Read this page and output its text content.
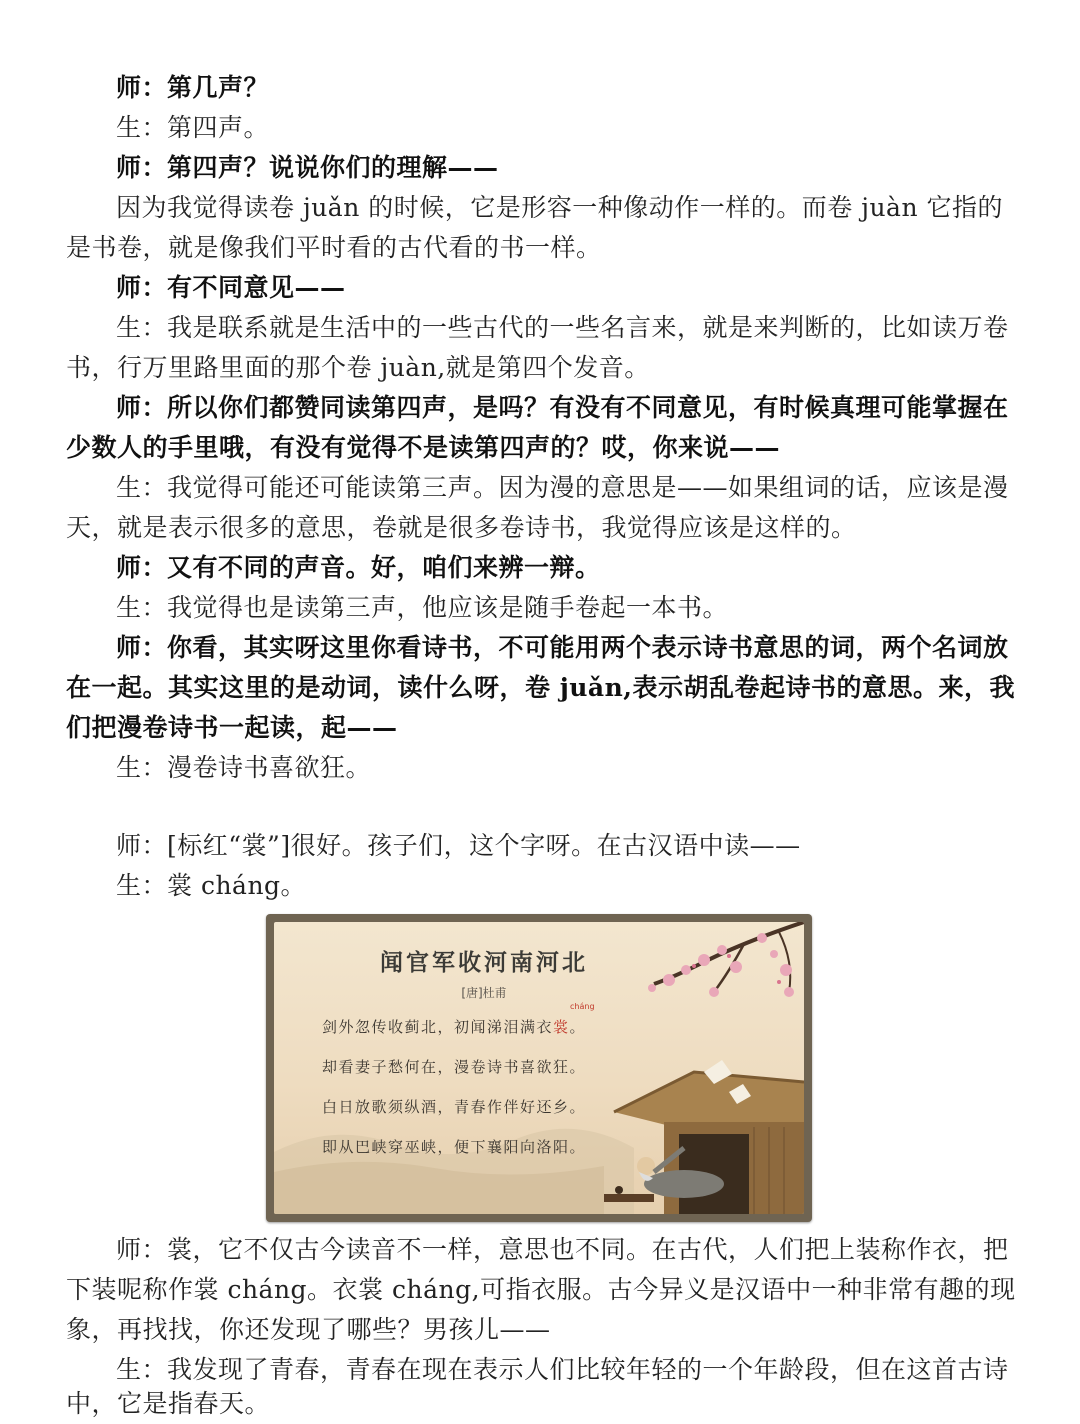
师：第几声？
生：第四声。
师：第四声？说说你们的理解——
因为我觉得读卷 juǎn 的时候，它是形容一种像动作一样的。而卷 juàn 它指的
是书卷，就是像我们平时看的古代看的书一样。
师：有不同意见——
生：我是联系就是生活中的一些古代的一些名言来，就是来判断的，比如读万卷
书，行万里路里面的那个卷 juàn,就是第四个发音。
师：所以你们都赞同读第四声，是吗？有没有不同意见，有时候真理可能掌握在
少数人的手里哦，有没有觉得不是读第四声的？哎，你来说——
生：我觉得可能还可能读第三声。因为漫的意思是——如果组词的话，应该是漫
天，就是表示很多的意思，卷就是很多卷诗书，我觉得应该是这样的。
师：又有不同的声音。好，咱们来辨一辩。
生：我觉得也是读第三声，他应该是随手卷起一本书。
师：你看，其实呀这里你看诗书，不可能用两个表示诗书意思的词，两个名词放
在一起。其实这里的是动词，读什么呀，卷 juǎn,表示胡乱卷起诗书的意思。来，我
们把漫卷诗书一起读，起——
生：漫卷诗书喜欲狂。
师：[标红“裳”]很好。孩子们，这个字呀。在古汉语中读——
生：裳 cháng。
闻官军收河南河北
[唐]杜甫
cháng
剑外忽传收蓟北，初闻涕泪满衣裳。
却看妻子愁何在，漫卷诗书喜欲狂。
白日放歌须纵酒，青春作伴好还乡。
即从巴峡穿巫峡，便下襄阳向洛阳。
师：裳，它不仅古今读音不一样，意思也不同。在古代，人们把上装称作衣，把
下装呢称作裳 cháng。衣裳 cháng,可指衣服。古今异义是汉语中一种非常有趣的现
象，再找找，你还发现了哪些？男孩儿——
生：我发现了青春，青春在现在表示人们比较年轻的一个年龄段，但在这首古诗
中，它是指春天。
